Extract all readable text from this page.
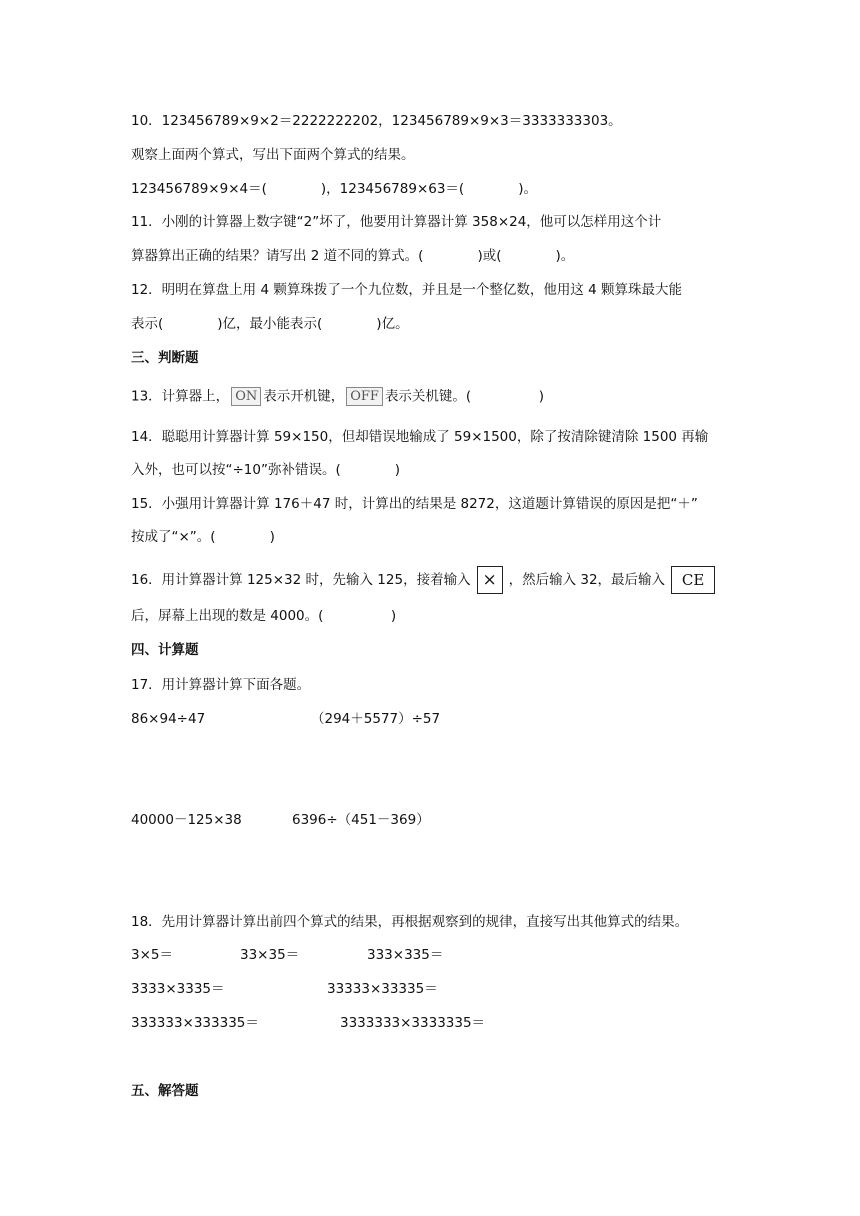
10．123456789×9×2＝2222222202，123456789×9×3＝3333333303。
观察上面两个算式，写出下面两个算式的结果。
123456789×9×4＝(　　　　)，123456789×63＝(　　　　)。
11．小刚的计算器上数字键“2”坏了，他要用计算器计算 358×24，他可以怎样用这个计
算器算出正确的结果？请写出 2 道不同的算式。(　　　　)或(　　　　)。
12．明明在算盘上用 4 颗算珠拨了一个九位数，并且是一个整亿数，他用这 4 颗算珠最大能
表示(　　　　)亿，最小能表示(　　　　)亿。
三、判断题
13．计算器上， ON 表示开机键， OFF 表示关机键。(　　　　　)
14．聪聪用计算器计算 59×150，但却错误地输成了 59×1500，除了按清除键清除 1500 再输
入外，也可以按“÷10”弥补错误。(　　　　)
15．小强用计算器计算 176＋47 时，计算出的结果是 8272，这道题计算错误的原因是把“＋”
按成了“×”。(　　　　)
16．用计算器计算 125×32 时，先输入 125，接着输入 × ，然后输入 32，最后输入 CE
后，屏幕上出现的数是 4000。(　　　　　)
四、计算题
17．用计算器计算下面各题。
86×94÷47	（294＋5577）÷57
40000－125×38	6396÷（451－369）
18．先用计算器计算出前四个算式的结果，再根据观察到的规律，直接写出其他算式的结果。
3×5＝	33×35＝	333×335＝
3333×3335＝	33333×33335＝
333333×333335＝	3333333×3333335＝
五、解答题
